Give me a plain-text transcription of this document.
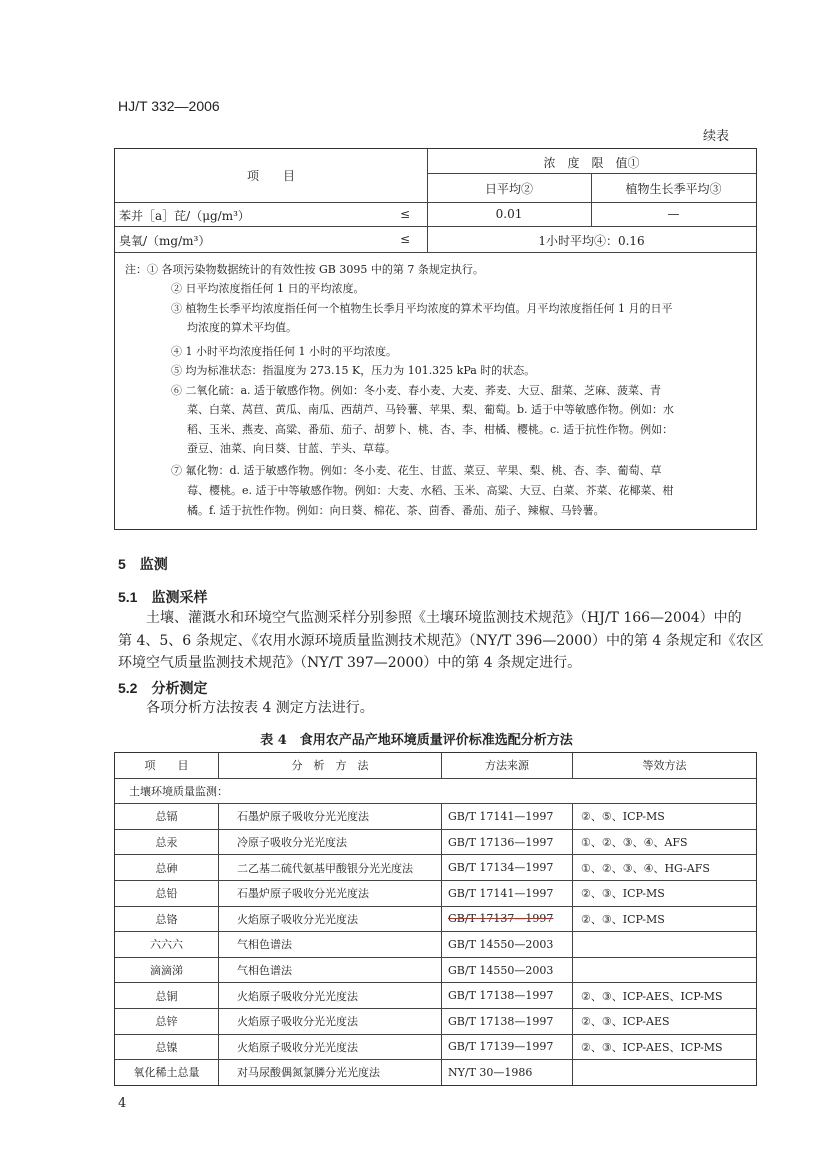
HJ/T 332—2006
续表
项　　目
浓　度　限　值①
日平均②	植物生长季平均③
苯并［a］芘/（μg/m³）	≤	0.01	—
臭氧/（mg/m³）	≤	1小时平均④：0.16
注：① 各项污染物数据统计的有效性按 GB 3095 中的第 7 条规定执行。
② 日平均浓度指任何 1 日的平均浓度。
③ 植物生长季平均浓度指任何一个植物生长季月平均浓度的算术平均值。月平均浓度指任何 1 月的日平
均浓度的算术平均值。
④ 1 小时平均浓度指任何 1 小时的平均浓度。
⑤ 均为标准状态：指温度为 273.15 K，压力为 101.325 kPa 时的状态。
⑥ 二氧化硫：a. 适于敏感作物。例如：冬小麦、春小麦、大麦、荞麦、大豆、甜菜、芝麻、菠菜、青
菜、白菜、莴苣、黄瓜、南瓜、西葫芦、马铃薯、苹果、梨、葡萄。b. 适于中等敏感作物。例如：水
稻、玉米、燕麦、高粱、番茄、茄子、胡萝卜、桃、杏、李、柑橘、樱桃。c. 适于抗性作物。例如：
蚕豆、油菜、向日葵、甘蓝、芋头、草莓。
⑦ 氟化物：d. 适于敏感作物。例如：冬小麦、花生、甘蓝、菜豆、苹果、梨、桃、杏、李、葡萄、草
莓、樱桃。e. 适于中等敏感作物。例如：大麦、水稻、玉米、高粱、大豆、白菜、芥菜、花椰菜、柑
橘。f. 适于抗性作物。例如：向日葵、棉花、茶、茴香、番茄、茄子、辣椒、马铃薯。
5　监测
5.1　监测采样
土壤、灌溉水和环境空气监测采样分别参照《土壤环境监测技术规范》（HJ/T 166—2004）中的
第 4、5、6 条规定、《农用水源环境质量监测技术规范》（NY/T 396—2000）中的第 4 条规定和《农区
环境空气质量监测技术规范》（NY/T 397—2000）中的第 4 条规定进行。
5.2　分析测定
各项分析方法按表 4 测定方法进行。
表 4　食用农产品产地环境质量评价标准选配分析方法
项　　目	分　析　方　法	方法来源	等效方法
土壤环境质量监测：			
总镉	石墨炉原子吸收分光光度法	GB/T 17141—1997	②、⑤、ICP-MS
总汞	冷原子吸收分光光度法	GB/T 17136—1997	①、②、③、④、AFS
总砷	二乙基二硫代氨基甲酸银分光光度法	GB/T 17134—1997	①、②、③、④、HG-AFS
总铅	石墨炉原子吸收分光光度法	GB/T 17141—1997	②、③、ICP-MS
总铬	火焰原子吸收分光光度法	GB/T 17137—1997	②、③、ICP-MS
六六六	气相色谱法	GB/T 14550—2003	
滴滴涕	气相色谱法	GB/T 14550—2003	
总铜	火焰原子吸收分光光度法	GB/T 17138—1997	②、③、ICP-AES、ICP-MS
总锌	火焰原子吸收分光光度法	GB/T 17138—1997	②、③、ICP-AES
总镍	火焰原子吸收分光光度法	GB/T 17139—1997	②、③、ICP-AES、ICP-MS
氧化稀土总量	对马尿酸偶氮氯膦分光光度法	NY/T 30—1986	
4
